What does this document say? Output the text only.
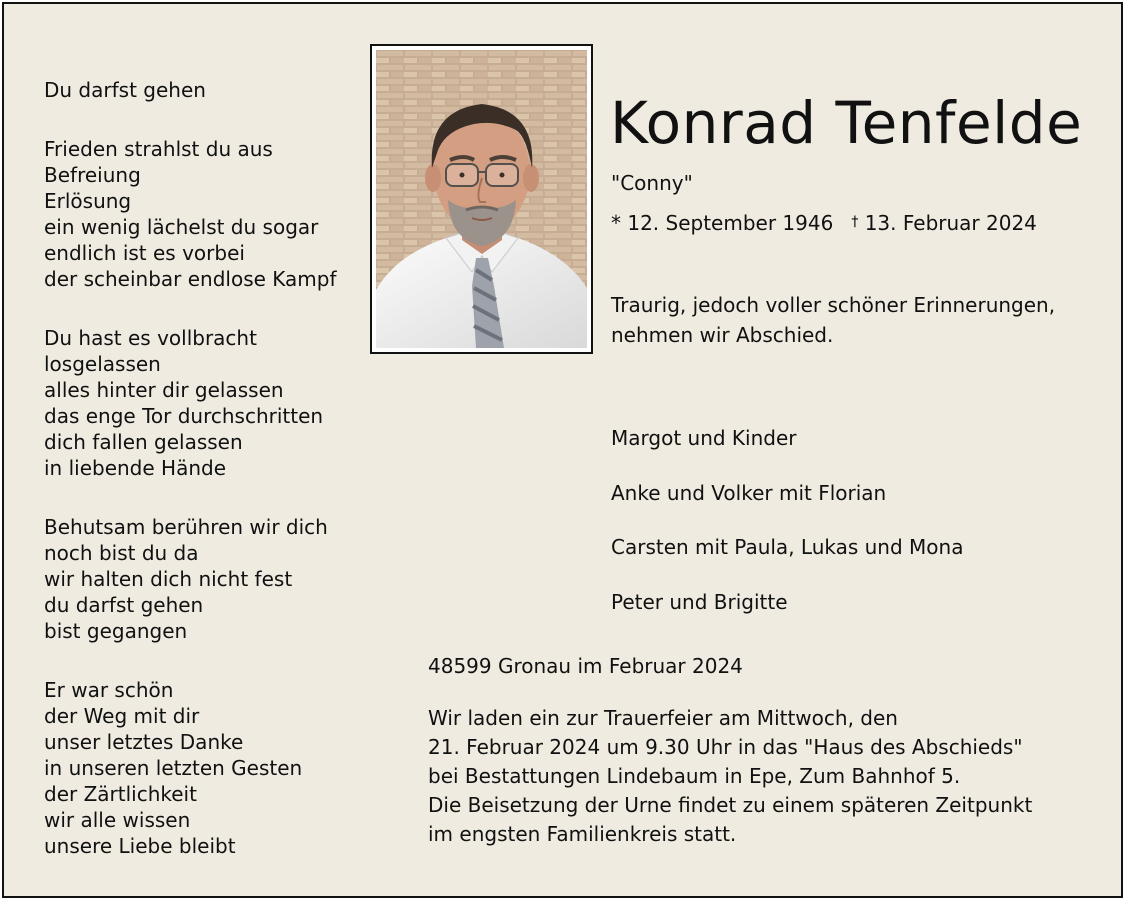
Du darfst gehen

Frieden strahlst du aus
Befreiung
Erlösung
ein wenig lächelst du sogar
endlich ist es vorbei
der scheinbar endlose Kampf

Du hast es vollbracht
losgelassen
alles hinter dir gelassen
das enge Tor durchschritten
dich fallen gelassen
in liebende Hände

Behutsam berühren wir dich
noch bist du da
wir halten dich nicht fest
du darfst gehen
bist gegangen

Er war schön
der Weg mit dir
unser letztes Danke
in unseren letzten Gesten
der Zärtlichkeit
wir alle wissen
unsere Liebe bleibt

Konrad Tenfelde
"Conny"
* 12. September 1946 † 13. Februar 2024
Traurig, jedoch voller schöner Erinnerungen, nehmen wir Abschied.
Margot und Kinder
Anke und Volker mit Florian
Carsten mit Paula, Lukas und Mona
Peter und Brigitte
48599 Gronau im Februar 2024
Wir laden ein zur Trauerfeier am Mittwoch, den
21. Februar 2024 um 9.30 Uhr in das "Haus des Abschieds"
bei Bestattungen Lindebaum in Epe, Zum Bahnhof 5.
Die Beisetzung der Urne findet zu einem späteren Zeitpunkt
im engsten Familienkreis statt.
